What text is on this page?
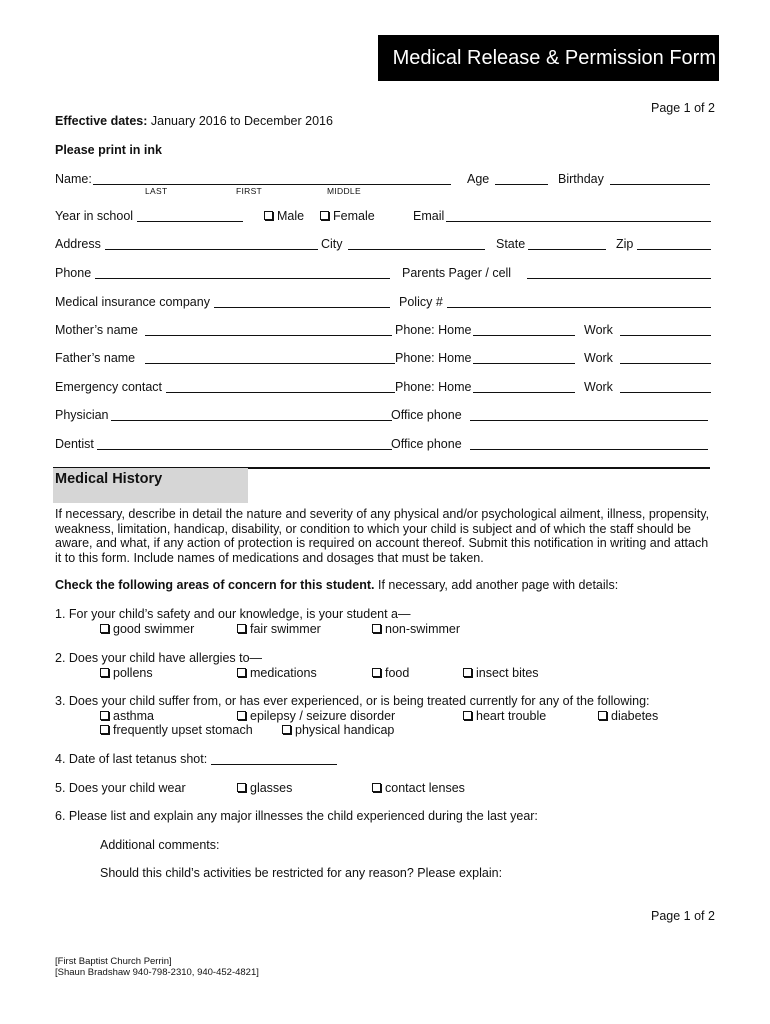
Medical Release & Permission Form
Page 1 of 2
Effective dates: January 2016 to December 2016
Please print in ink
Name:
LAST	FIRST	MIDDLE
Age	Birthday
Year in school	Male	Female	Email
Address	City	State	Zip
Phone	Parents Pager / cell
Medical insurance company	Policy #
Mother’s name	Phone: Home	Work
Father’s name	Phone: Home	Work
Emergency contact	Phone: Home	Work
Physician	Office phone
Dentist	Office phone
Medical History
If necessary, describe in detail the nature and severity of any physical and/or psychological ailment, illness, propensity, weakness, limitation, handicap, disability, or condition to which your child is subject and of which the staff should be aware, and what, if any action of protection is required on account thereof. Submit this notification in writing and attach it to this form. Include names of medications and dosages that must be taken.
Check the following areas of concern for this student. If necessary, add another page with details:
1. For your child’s safety and our knowledge, is your student a—
good swimmer	fair swimmer	non-swimmer
2. Does your child have allergies to—
pollens	medications	food	insect bites
3. Does your child suffer from, or has ever experienced, or is being treated currently for any of the following:
asthma	epilepsy / seizure disorder	heart trouble	diabetes
frequently upset stomach	physical handicap
4. Date of last tetanus shot:
5. Does your child wear	glasses	contact lenses
6. Please list and explain any major illnesses the child experienced during the last year:
Additional comments:
Should this child’s activities be restricted for any reason? Please explain:
Page 1 of 2
[First Baptist Church Perrin]
[Shaun Bradshaw 940-798-2310, 940-452-4821]
